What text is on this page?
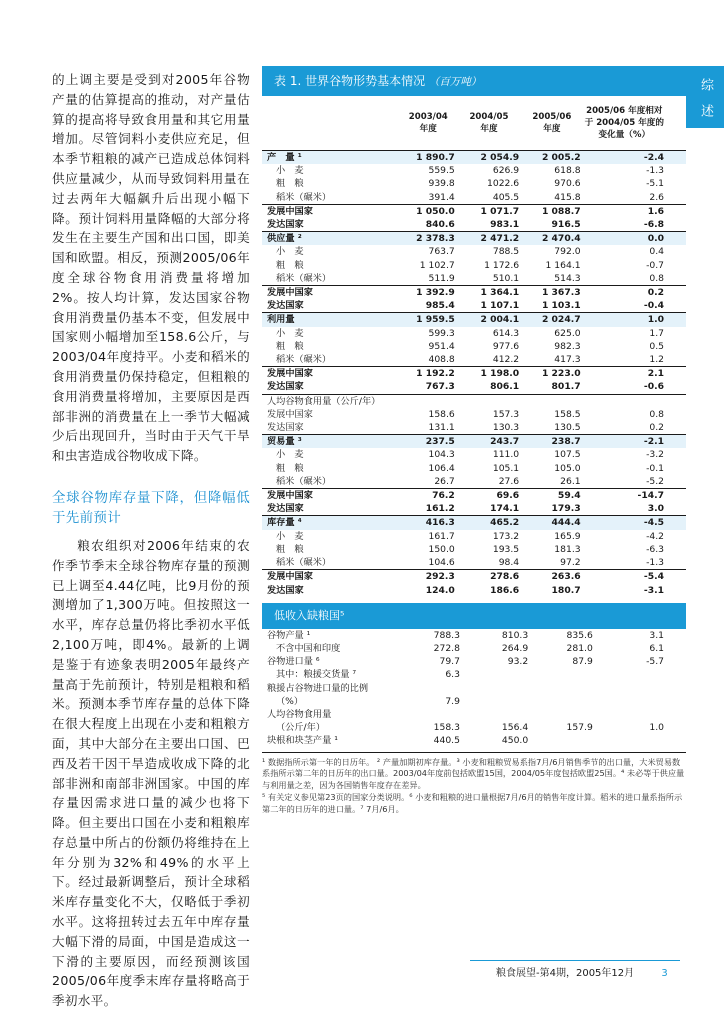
的上调主要是受到对2005年谷物产量的估算提高的推动，对产量估算的提高将导致食用量和其它用量增加。尽管饲料小麦供应充足，但本季节粗粮的减产已造成总体饲料供应量减少，从而导致饲料用量在过去两年大幅飙升后出现小幅下降。预计饲料用量降幅的大部分将发生在主要生产国和出口国，即美国和欧盟。相反，预测2005/06年度全球谷物食用消费量将增加2%。按人均计算，发达国家谷物食用消费量仍基本不变，但发展中国家则小幅增加至158.6公斤，与2003/04年度持平。小麦和稻米的食用消费量仍保持稳定，但粗粮的食用消费量将增加，主要原因是西部非洲的消费量在上一季节大幅减少后出现回升，当时由于天气干旱和虫害造成谷物收成下降。

全球谷物库存量下降，但降幅低于先前预计

粮农组织对2006年结束的农作季节季末全球谷物库存量的预测已上调至4.44亿吨，比9月份的预测增加了1,300万吨。但按照这一水平，库存总量仍将比季初水平低2,100万吨，即4%。最新的上调是鉴于有迹象表明2005年最终产量高于先前预计，特别是粗粮和稻米。预测本季节库存量的总体下降在很大程度上出现在小麦和粗粮方面，其中大部分在主要出口国、巴西及若干因干旱造成收成下降的北部非洲和南部非洲国家。中国的库存量因需求进口量的减少也将下降。但主要出口国在小麦和粗粮库存总量中所占的份额仍将维持在上年分别为32%和49%的水平上下。经过最新调整后，预计全球稻米库存量变化不大，仅略低于季初水平。这将扭转过去五年中库存量大幅下滑的局面，中国是造成这一下滑的主要原因，而经预测该国2005/06年度季末库存量将略高于季初水平。

表 1. 世界谷物形势基本情况 （百万吨）
	2003/04
年度	2004/05
年度	2005/06
年度	2005/06 年度相对
于 2004/05 年度的
变化量（%）
产　量 ¹	1 890.7	2 054.9	2 005.2	-2.4
小　麦	559.5	626.9	618.8	-1.3
粗　粮	939.8	1022.6	970.6	-5.1
稻米（碾米）	391.4	405.5	415.8	2.6
发展中国家	1 050.0	1 071.7	1 088.7	1.6
发达国家	840.6	983.1	916.5	-6.8
供应量 ²	2 378.3	2 471.2	2 470.4	0.0
小　麦	763.7	788.5	792.0	0.4
粗　粮	1 102.7	1 172.6	1 164.1	-0.7
稻米（碾米）	511.9	510.1	514.3	0.8
发展中国家	1 392.9	1 364.1	1 367.3	0.2
发达国家	985.4	1 107.1	1 103.1	-0.4
利用量	1 959.5	2 004.1	2 024.7	1.0
小　麦	599.3	614.3	625.0	1.7
粗　粮	951.4	977.6	982.3	0.5
稻米（碾米）	408.8	412.2	417.3	1.2
发展中国家	1 192.2	1 198.0	1 223.0	2.1
发达国家	767.3	806.1	801.7	-0.6
人均谷物食用量（公斤/年）				
发展中国家	158.6	157.3	158.5	0.8
发达国家	131.1	130.3	130.5	0.2
贸易量 ³	237.5	243.7	238.7	-2.1
小　麦	104.3	111.0	107.5	-3.2
粗　粮	106.4	105.1	105.0	-0.1
稻米（碾米）	26.7	27.6	26.1	-5.2
发展中国家	76.2	69.6	59.4	-14.7
发达国家	161.2	174.1	179.3	3.0
库存量 ⁴	416.3	465.2	444.4	-4.5
小　麦	161.7	173.2	165.9	-4.2
粗　粮	150.0	193.5	181.3	-6.3
稻米（碾米）	104.6	98.4	97.2	-1.3
发展中国家	292.3	278.6	263.6	-5.4
发达国家	124.0	186.6	180.7	-3.1
低收入缺粮国⁵
谷物产量 ¹	788.3	810.3	835.6	3.1
不含中国和印度	272.8	264.9	281.0	6.1
谷物进口量 ⁶	79.7	93.2	87.9	-5.7
其中：粮援交货量 ⁷	6.3			
粮援占谷物进口量的比例				
（%）	7.9			
人均谷物食用量				
（公斤/年）	158.3	156.4	157.9	1.0
块根和块茎产量 ¹	440.5	450.0		

¹ 数据指所示第一年的日历年。 ² 产量加期初库存量。³ 小麦和粗粮贸易系指7月/6月销售季节的出口量，大米贸易数系指所示第二年的日历年的出口量。2003/04年度前包括欧盟15国，2004/05年度包括欧盟25国。⁴ 未必等于供应量与利用量之差，因为各国销售年度存在差异。

⁵ 有关定义参见第23页的国家分类说明。⁶ 小麦和粗粮的进口量根据7月/6月的销售年度计算。稻米的进口量系指所示第二年的日历年的进口量。⁷ 7月/6月。

综　述
粮食展望-第4期，2005年12月	3
